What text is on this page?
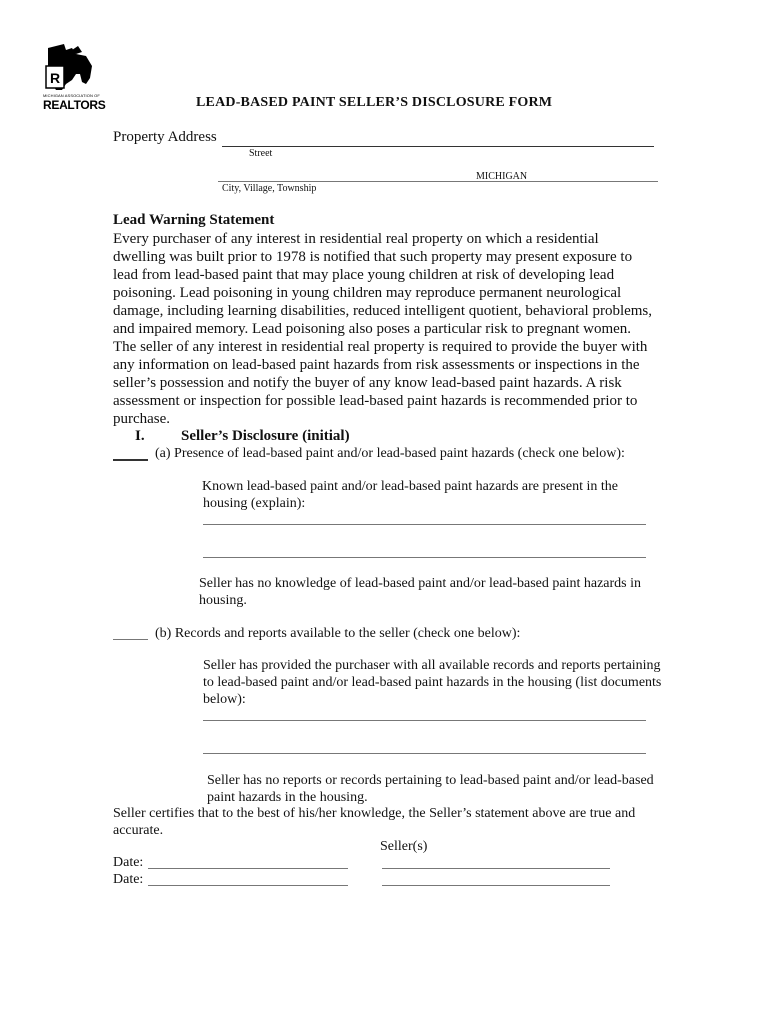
R
MICHIGAN ASSOCIATION OF
REALTORS	LEAD-BASED PAINT SELLER’S DISCLOSURE FORM
Property Address
Street
MICHIGAN
City, Village, Township
Lead Warning Statement

Every purchaser of any interest in residential real property on which a residential

dwelling was built prior to 1978 is notified that such property may present exposure to

lead from lead-based paint that may place young children at risk of developing lead

poisoning. Lead poisoning in young children may reproduce permanent neurological

damage, including learning disabilities, reduced intelligent quotient, behavioral problems,

and impaired memory. Lead poisoning also poses a particular risk to pregnant women.

The seller of any interest in residential real property is required to provide the buyer with

any information on lead-based paint hazards from risk assessments or inspections in the

seller’s possession and notify the buyer of any know lead-based paint hazards. A risk

assessment or inspection for possible lead-based paint hazards is recommended prior to

purchase.

I. Seller’s Disclosure (initial)
(a) Presence of lead-based paint and/or lead-based paint hazards (check one below):

Known lead-based paint and/or lead-based paint hazards are present in the

housing (explain):

Seller has no knowledge of lead-based paint and/or lead-based paint hazards in

housing.

(b) Records and reports available to the seller (check one below):

Seller has provided the purchaser with all available records and reports pertaining

to lead-based paint and/or lead-based paint hazards in the housing (list documents

below):

Seller has no reports or records pertaining to lead-based paint and/or lead-based

paint hazards in the housing.

Seller certifies that to the best of his/her knowledge, the Seller’s statement above are true and

accurate.

Seller(s)
Date:
Date:
